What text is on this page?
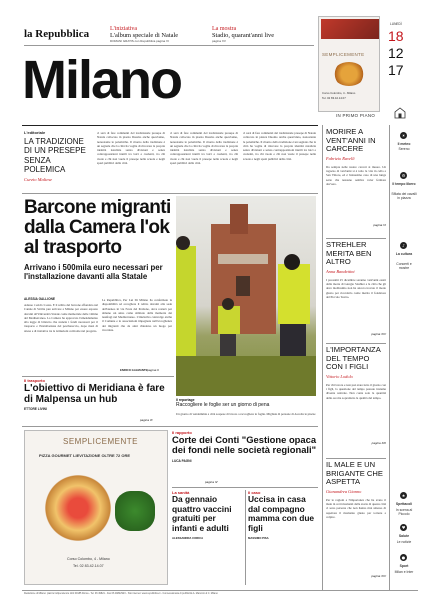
la Repubblica	L'iniziativa
L'album speciale di Natale
DOMANI GRATIS con Repubblica pagina VI
La mostra
Stadio, quarant'anni live
pagina XV
Milano	SEMPLICEMENTE
Corso Colombo, 4 - Milano
Tel. 02 83.42.14.07
LUNEDÌ
18
12
17
IN PRIMO PIANO
L'editoriale
LA TRADIZIONE DI UN PRESEPE SENZA POLEMICA
Curzio Maltese
ci sarà di fare commenti del tradizionale presepe di Natale collocato in piazza Duomo anche quest'anno, nonostante le polemiche. Il ritorno della tradizione è un segnale che la città ha voglia di ritrovare la propria identità natalizia senza divisioni e senza contrapposizioni inutili tra laici e credenti, tra chi vuole e chi non vuole il presepe nelle scuole e negli spazi pubblici della città.
ci sarà di fare commenti del tradizionale presepe di Natale collocato in piazza Duomo anche quest'anno, nonostante le polemiche. Il ritorno della tradizione è un segnale che la città ha voglia di ritrovare la propria identità natalizia senza divisioni e senza contrapposizioni inutili tra laici e credenti, tra chi vuole e chi non vuole il presepe nelle scuole e negli spazi pubblici della città.
ci sarà di fare commenti del tradizionale presepe di Natale collocato in piazza Duomo anche quest'anno, nonostante le polemiche. Il ritorno della tradizione è un segnale che la città ha voglia di ritrovare la propria identità natalizia senza divisioni e senza contrapposizioni inutili tra laici e credenti, tra chi vuole e chi non vuole il presepe nelle scuole e negli spazi pubblici della città.
Barcone migranti dalla Camera l'ok al trasporto
Arrivano i 500mila euro necessari per l'installazione davanti alla Statale
ALESSIA GALLIONE
Adesso i soldi ci sono. E il relitto del barcone affondato nel Canale di Sicilia può arrivare a Milano per essere esposto davanti all'Università Statale come memoriale delle vittime del Mediterraneo. La Camera ha approvato l'emendamento alla legge di bilancio che stanzia i fondi necessari per il trasporto e l'installazione del peschereccio, dopo mesi di attesa e di trattative tra le istituzioni coinvolte nel progetto.
La Repubblica, Per Lui Di Milano ha confermato la disponibilità ad accogliere il relitto davanti alla sede dell'ateneo in via Festa del Perdono, dove resterà per almeno un anno come simbolo della memoria dei naufragi nel Mediterraneo. L'iniziativa coinvolge anche il Comune e le associazioni impegnate nell'accoglienza dei migranti che da anni chiedono un luogo per ricordare.
pagina II
ENRICO GALMANTE
Il reportage
Raccogliere le foglie ser un giorno di pena
Il trasporto
L'obiettivo di Meridiana è fare di Malpensa un hub
ETTORE LIVINI
pagina IX
Un giorno di vendemmia a città sospese di lavoro a raccogliere le foglie. Migliaia di persone di Ascolta le piazze
SEMPLICEMENTE
PIZZA GOURMET LIEVITAZIONE OLTRE 72 ORE
Corso Colombo, 4 - Milano
Tel. 02 83.42.14.07
Il rapporto
Corte dei Conti "Gestione opaca dei fondi nelle società regionali"
LUCA PAGNI
pagina IV
La sanità
Da gennaio quattro vaccini gratuiti per infanti e adulti
ALESSANDRA CORICA
Il caso
Uccisa in casa dal compagno mamma con due figli
MASSIMO PISA
MORIRE A VENT'ANNI IN CARCERE
Fabrizio Ravelli
Da sempre nelle nostre carceri si muore. Un ragazzo di vent'anni si è tolto la vita in cella a San Vittore, ed è l'ennesimo caso di una lunga serie che nessuno sembra voler fermare davvero.
pagina VI
STREHLER MERITA BEN ALTRO
Anna Bandettini
I prossimi 25 dicembre saranno vent'anni esatti dalla morte di Giorgio Strehler e la città che gli deve moltissimo non ha ancora trovato il modo giusto per ricordarlo come merita il fondatore del Piccolo Teatro.
pagina XIV
L'IMPORTANZA DEL TEMPO CON I FIGLI
Vittorio Lodolo
Per chi lavora e non può stare tutto il giorno con i figli, la questione del tempo passato insieme diventa centrale. Non conta solo la quantità delle ore ma soprattutto la qualità del tempo.
pagina XIII
IL MALE E UN BRIGANTE CHE ASPETTA
Gianandrea Gianno
Per le ragioni e l'importanza che ha avuto il male in certi momenti della storia di questa città ci sono persone che non hanno mai smesso di aspettare il momento giusto per tornare a colpire.
pagina XIV
☀
Il meteo
Sereno
⚙
Il tempo libero
Sfilata dei cavalli in piazza
♪
La cultura
Concerti e mostre
★
Spettacoli
In scena al Piccolo
♥
Salute
Le notizie
●
Sport
Milan e Inter
Redazione di Milano: piazza Indipendenza 11/b 00185 Roma - Tel. 06 49821 - Fax 06 49822923 - Sito internet: www.repubblica.it - Concessionaria di pubblicità A. Manzoni & C. Milano
